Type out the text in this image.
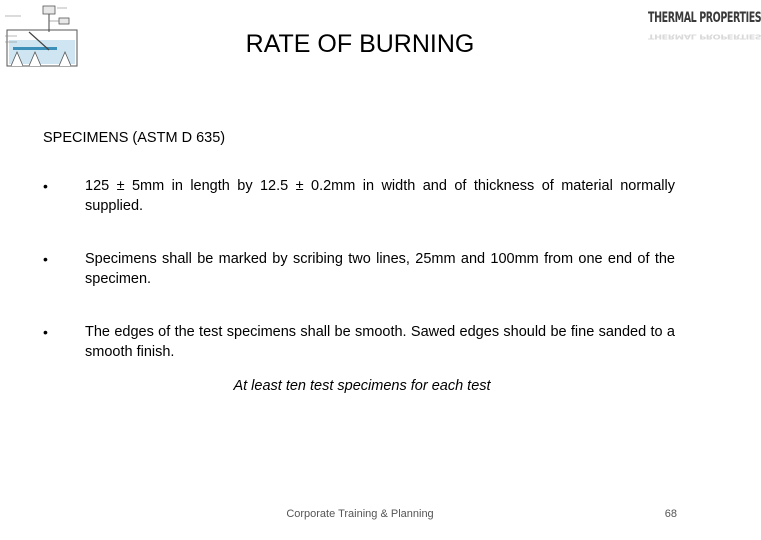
THERMAL PROPERTIES
THERMAL PROPERTIES
RATE OF BURNING
SPECIMENS (ASTM D 635)
•	125 ± 5mm in length by 12.5 ± 0.2mm in width and of thickness of material normally supplied.
•	Specimens shall be marked by scribing two lines, 25mm and 100mm from one end of the specimen.
•	The edges of the test specimens shall be smooth. Sawed edges should be fine sanded to a smooth finish.
At least ten test specimens for each test
Corporate Training & Planning	68
